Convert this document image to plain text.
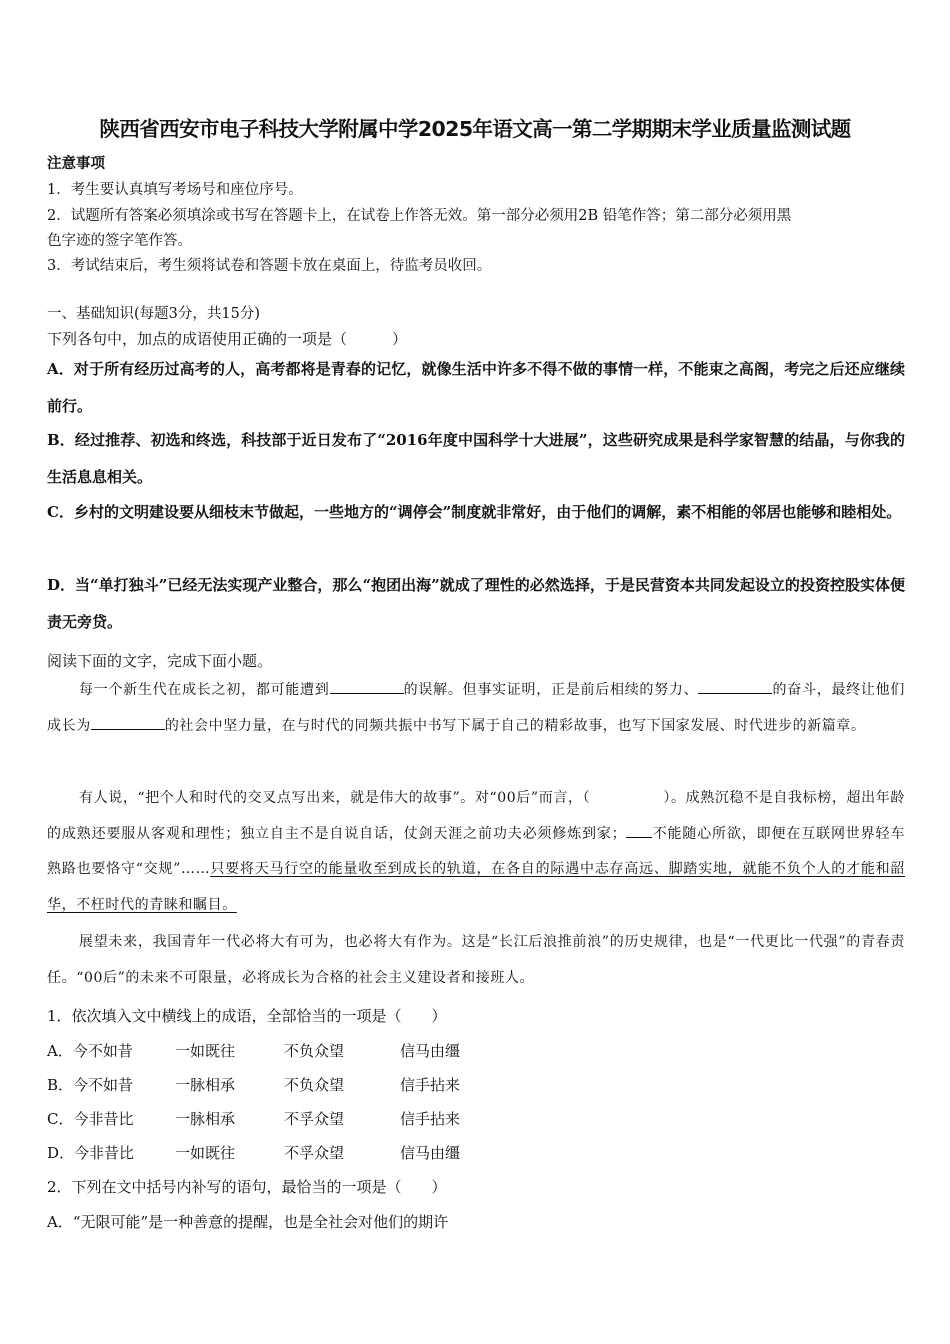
陕西省西安市电子科技大学附属中学2025年语文高一第二学期期末学业质量监测试题
注意事项
1．考生要认真填写考场号和座位序号。
2．试题所有答案必须填涂或书写在答题卡上，在试卷上作答无效。第一部分必须用2B 铅笔作答；第二部分必须用黑
色字迹的签字笔作答。
3．考试结束后，考生须将试卷和答题卡放在桌面上，待监考员收回。
一、基础知识(每题3分，共15分)
下列各句中，加点的成语使用正确的一项是（　　　）
A．对于所有经历过高考的人，高考都将是青春的记忆，就像生活中许多不得不做的事情一样，不能束之高阁，考完之后还应继续前行。
B．经过推荐、初选和终选，科技部于近日发布了“2016年度中国科学十大进展”，这些研究成果是科学家智慧的结晶，与你我的生活息息相关。
C．乡村的文明建设要从细枝末节做起，一些地方的“调停会”制度就非常好，由于他们的调解，素不相能的邻居也能够和睦相处。
D．当“单打独斗”已经无法实现产业整合，那么“抱团出海”就成了理性的必然选择，于是民营资本共同发起设立的投资控股实体便责无旁贷。
阅读下面的文字，完成下面小题。
每一个新生代在成长之初，都可能遭到	的误解。但事实证明，正是前后相续的努力、	的奋斗，最终让他们成长为	的社会中坚力量，在与时代的同频共振中书写下属于自己的精彩故事，也写下国家发展、时代进步的新篇章。
有人说，“把个人和时代的交叉点写出来，就是伟大的故事”。对“00后”而言，（　　　　　）。成熟沉稳不是自我标榜，超出年龄的成熟还要服从客观和理性；独立自主不是自说自话，仗剑天涯之前功夫必须修炼到家； 不能随心所欲，即便在互联网世界轻车熟路也要恪守“交规”……只要将天马行空的能量收至到成长的轨道，在各自的际遇中志存高远、脚踏实地，就能不负个人的才能和韶华，不枉时代的青睐和瞩目。
展望未来，我国青年一代必将大有可为，也必将大有作为。这是“长江后浪推前浪”的历史规律，也是“一代更比一代强”的青春责任。“00后”的未来不可限量，必将成长为合格的社会主义建设者和接班人。
1．依次填入文中横线上的成语，全部恰当的一项是（　　）
A．今不如昔	一如既往	不负众望	信马由缰
B．今不如昔	一脉相承	不负众望	信手拈来
C．今非昔比	一脉相承	不孚众望	信手拈来
D．今非昔比	一如既往	不孚众望	信马由缰
2．下列在文中括号内补写的语句，最恰当的一项是（　　）
A．“无限可能”是一种善意的提醒，也是全社会对他们的期许
